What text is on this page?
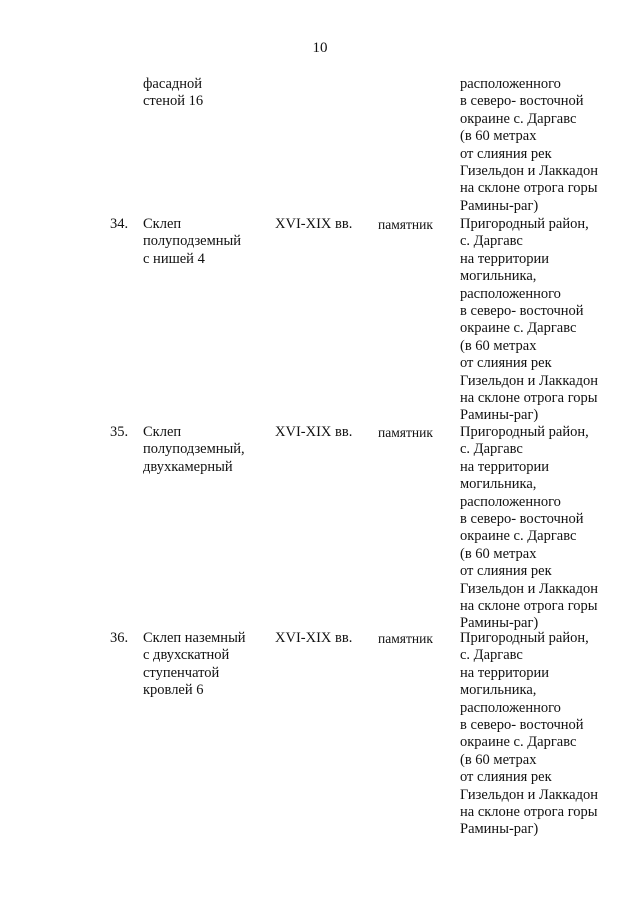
10
фасадной
стеной 16
расположенного
в северо- восточной
окраине с. Даргавс
(в 60 метрах
от слияния рек
Гизельдон и Лаккадон
на склоне отрога горы
Рамины-раг)
34. Склеп
полуподземный
с нишей 4
XVI-XIX вв. памятник Пригородный район,
с. Даргавс
на территории
могильника,
расположенного
в северо- восточной
окраине с. Даргавс
(в 60 метрах
от слияния рек
Гизельдон и Лаккадон
на склоне отрога горы
Рамины-раг)
35. Склеп
полуподземный,
двухкамерный
XVI-XIX вв. памятник Пригородный район,
с. Даргавс
на территории
могильника,
расположенного
в северо- восточной
окраине с. Даргавс
(в 60 метрах
от слияния рек
Гизельдон и Лаккадон
на склоне отрога горы
Рамины-раг)
36. Склеп наземный
с двухскатной
ступенчатой
кровлей 6
XVI-XIX вв. памятник Пригородный район,
с. Даргавс
на территории
могильника,
расположенного
в северо- восточной
окраине с. Даргавс
(в 60 метрах
от слияния рек
Гизельдон и Лаккадон
на склоне отрога горы
Рамины-раг)
